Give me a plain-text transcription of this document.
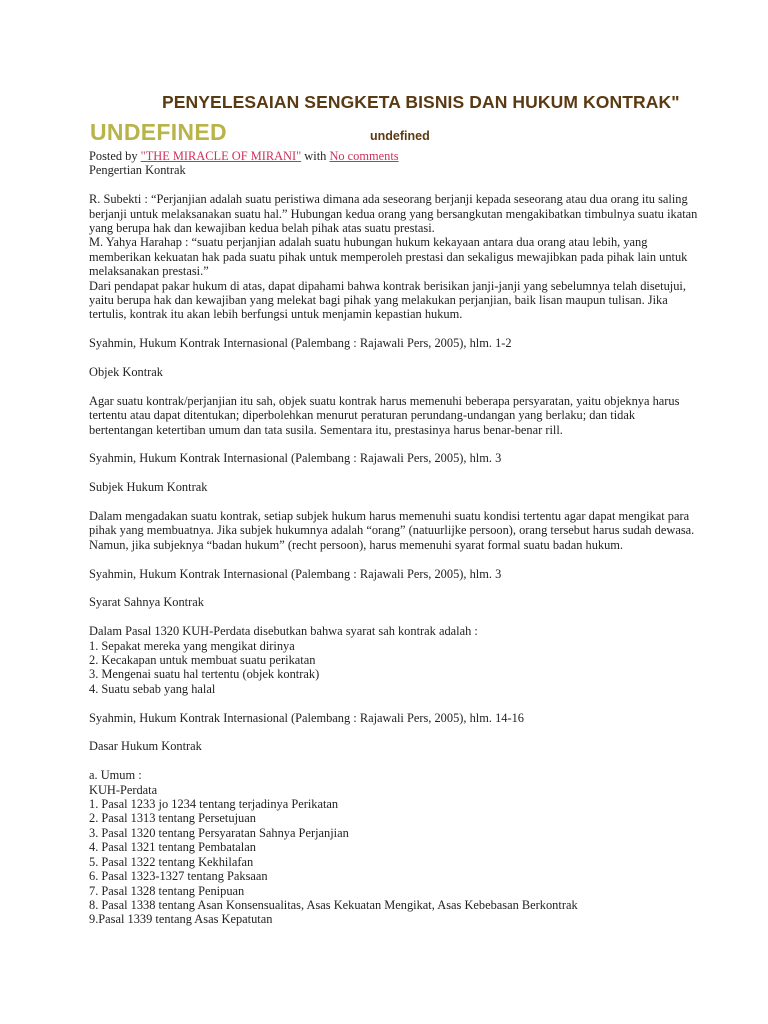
PENYELESAIAN SENGKETA BISNIS DAN HUKUM KONTRAK"
UNDEFINED	undefined

Posted by "THE MIRACLE OF MIRANI" with No comments

Pengertian Kontrak

R. Subekti : “Perjanjian adalah suatu peristiwa dimana ada seseorang berjanji kepada seseorang atau dua orang itu saling
berjanji untuk melaksanakan suatu hal.” Hubungan kedua orang yang bersangkutan mengakibatkan timbulnya suatu ikatan
yang berupa hak dan kewajiban kedua belah pihak atas suatu prestasi.
M. Yahya Harahap : “suatu perjanjian adalah suatu hubungan hukum kekayaan antara dua orang atau lebih, yang
memberikan kekuatan hak pada suatu pihak untuk memperoleh prestasi dan sekaligus mewajibkan pada pihak lain untuk
melaksanakan prestasi.”
Dari pendapat pakar hukum di atas, dapat dipahami bahwa kontrak berisikan janji-janji yang sebelumnya telah disetujui,
yaitu berupa hak dan kewajiban yang melekat bagi pihak yang melakukan perjanjian, baik lisan maupun tulisan. Jika
tertulis, kontrak itu akan lebih berfungsi untuk menjamin kepastian hukum.

Syahmin, Hukum Kontrak Internasional (Palembang : Rajawali Pers, 2005), hlm. 1-2

Objek Kontrak

Agar suatu kontrak/perjanjian itu sah, objek suatu kontrak harus memenuhi beberapa persyaratan, yaitu objeknya harus
tertentu atau dapat ditentukan; diperbolehkan menurut peraturan perundang-undangan yang berlaku; dan tidak
bertentangan ketertiban umum dan tata susila. Sementara itu, prestasinya harus benar-benar rill.

Syahmin, Hukum Kontrak Internasional (Palembang : Rajawali Pers, 2005), hlm. 3

Subjek Hukum Kontrak

Dalam mengadakan suatu kontrak, setiap subjek hukum harus memenuhi suatu kondisi tertentu agar dapat mengikat para
pihak yang membuatnya. Jika subjek hukumnya adalah “orang” (natuurlijke persoon), orang tersebut harus sudah dewasa.
Namun, jika subjeknya “badan hukum” (recht persoon), harus memenuhi syarat formal suatu badan hukum.

Syahmin, Hukum Kontrak Internasional (Palembang : Rajawali Pers, 2005), hlm. 3

Syarat Sahnya Kontrak

Dalam Pasal 1320 KUH-Perdata disebutkan bahwa syarat sah kontrak adalah :

1. Sepakat mereka yang mengikat dirinya
2. Kecakapan untuk membuat suatu perikatan
3. Mengenai suatu hal tertentu (objek kontrak)
4. Suatu sebab yang halal

Syahmin, Hukum Kontrak Internasional (Palembang : Rajawali Pers, 2005), hlm. 14-16

Dasar Hukum Kontrak

a. Umum :

KUH-Perdata

1. Pasal 1233 jo 1234 tentang terjadinya Perikatan
2. Pasal 1313 tentang Persetujuan
3. Pasal 1320 tentang Persyaratan Sahnya Perjanjian
4. Pasal 1321 tentang Pembatalan
5. Pasal 1322 tentang Kekhilafan
6. Pasal 1323-1327 tentang Paksaan
7. Pasal 1328 tentang Penipuan
8. Pasal 1338 tentang Asan Konsensualitas, Asas Kekuatan Mengikat, Asas Kebebasan Berkontrak
9.Pasal 1339 tentang Asas Kepatutan
